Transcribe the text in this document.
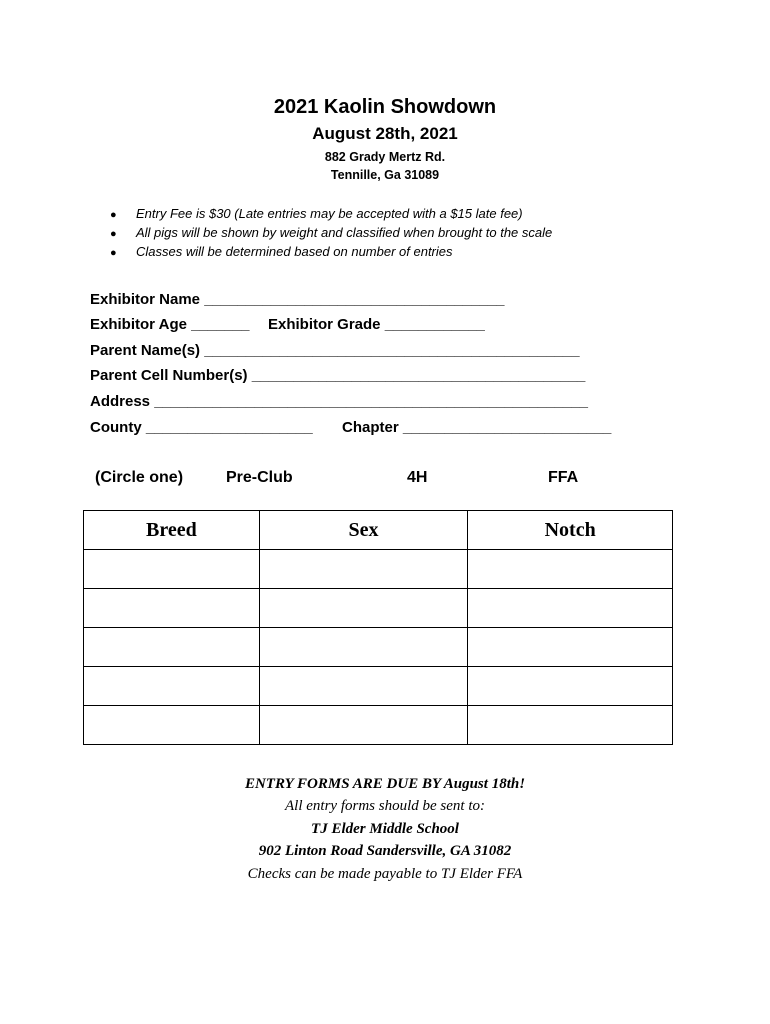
2021 Kaolin Showdown
August 28th, 2021
882 Grady Mertz Rd.
Tennille, Ga 31089
● Entry Fee is $30 (Late entries may be accepted with a $15 late fee)
● All pigs will be shown by weight and classified when brought to the scale
● Classes will be determined based on number of entries
Exhibitor Name ____________________________________
Exhibitor Age _______ Exhibitor Grade ____________
Parent Name(s) _____________________________________________
Parent Cell Number(s) ________________________________________
Address ____________________________________________________
County ____________________ Chapter _________________________
(Circle one)	Pre-Club	4H	FFA
Breed	Sex	Notch

ENTRY FORMS ARE DUE BY August 18th!
All entry forms should be sent to:
TJ Elder Middle School
902 Linton Road Sandersville, GA 31082
Checks can be made payable to TJ Elder FFA
